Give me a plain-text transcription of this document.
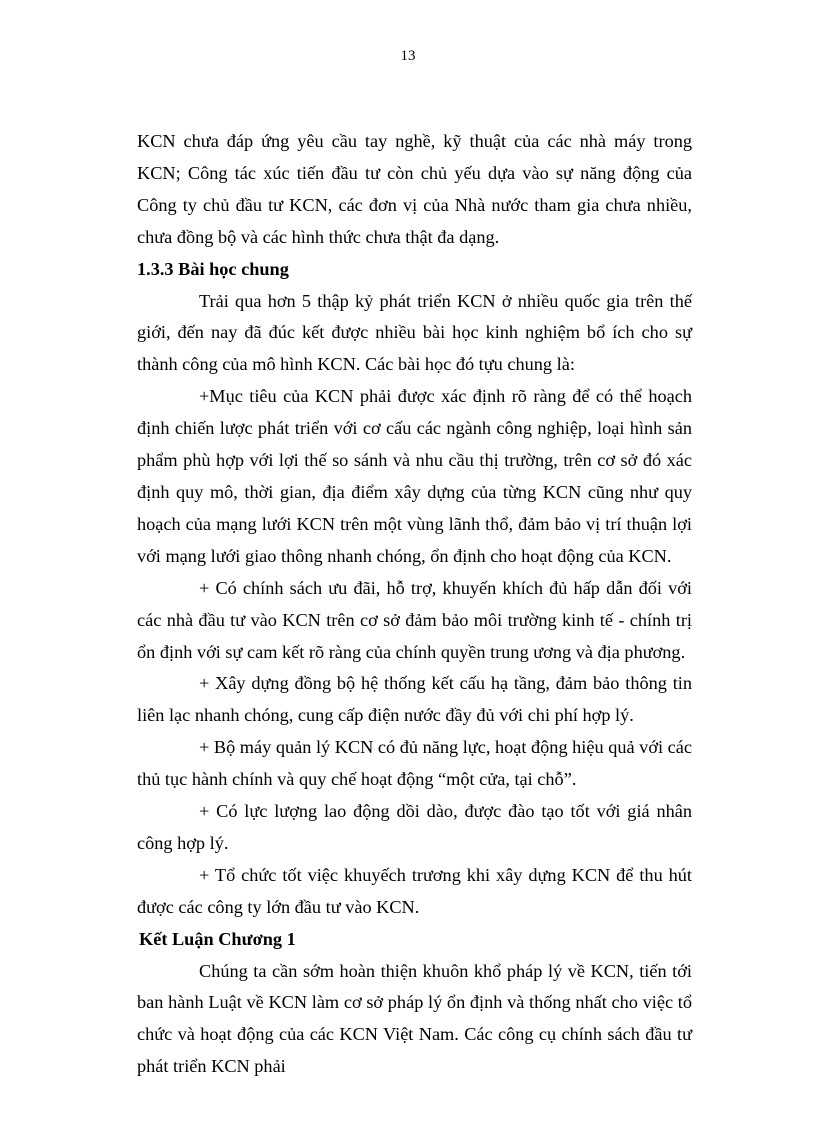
13

KCN chưa đáp ứng yêu cầu tay nghề, kỹ thuật của các nhà máy trong KCN; Công tác xúc tiến đầu tư còn chủ yếu dựa vào sự năng động của Công ty chủ đầu tư KCN, các đơn vị của Nhà nước tham gia chưa nhiều, chưa đồng bộ và các hình thức chưa thật đa dạng.

1.3.3 Bài học chung

Trải qua hơn 5 thập kỷ phát triển KCN ở nhiều quốc gia trên thế giới, đến nay đã đúc kết được nhiều bài học kinh nghiệm bổ ích cho sự thành công của mô hình KCN. Các bài học đó tựu chung là:

+Mục tiêu của KCN phải được xác định rõ ràng để có thể hoạch định chiến lược phát triển với cơ cấu các ngành công nghiệp, loại hình sản phẩm phù hợp với lợi thế so sánh và nhu cầu thị trường, trên cơ sở đó xác định quy mô, thời gian, địa điểm xây dựng của từng KCN cũng như quy hoạch của mạng lưới KCN trên một vùng lãnh thổ, đảm bảo vị trí thuận lợi với mạng lưới giao thông nhanh chóng, ổn định cho hoạt động của KCN.

+ Có chính sách ưu đãi, hỗ trợ, khuyến khích đủ hấp dẫn đối với các nhà đầu tư vào KCN trên cơ sở đảm bảo môi trường kinh tế - chính trị ổn định với sự cam kết rõ ràng của chính quyền trung ương và địa phương.

+ Xây dựng đồng bộ hệ thống kết cấu hạ tầng, đảm bảo thông tin liên lạc nhanh chóng, cung cấp điện nước đầy đủ với chi phí hợp lý.

+ Bộ máy quản lý KCN có đủ năng lực, hoạt động hiệu quả với các thủ tục hành chính và quy chế hoạt động “một cửa, tại chỗ”.

+ Có lực lượng lao động dồi dào, được đào tạo tốt với giá nhân công hợp lý.

+ Tổ chức tốt việc khuyếch trương khi xây dựng KCN để thu hút được các công ty lớn đầu tư vào KCN.

Kết Luận Chương 1

Chúng ta cần sớm hoàn thiện khuôn khổ pháp lý về KCN, tiến tới ban hành Luật về KCN làm cơ sở pháp lý ổn định và thống nhất cho việc tổ chức và hoạt động của các KCN Việt Nam. Các công cụ chính sách đầu tư phát triển KCN phải
